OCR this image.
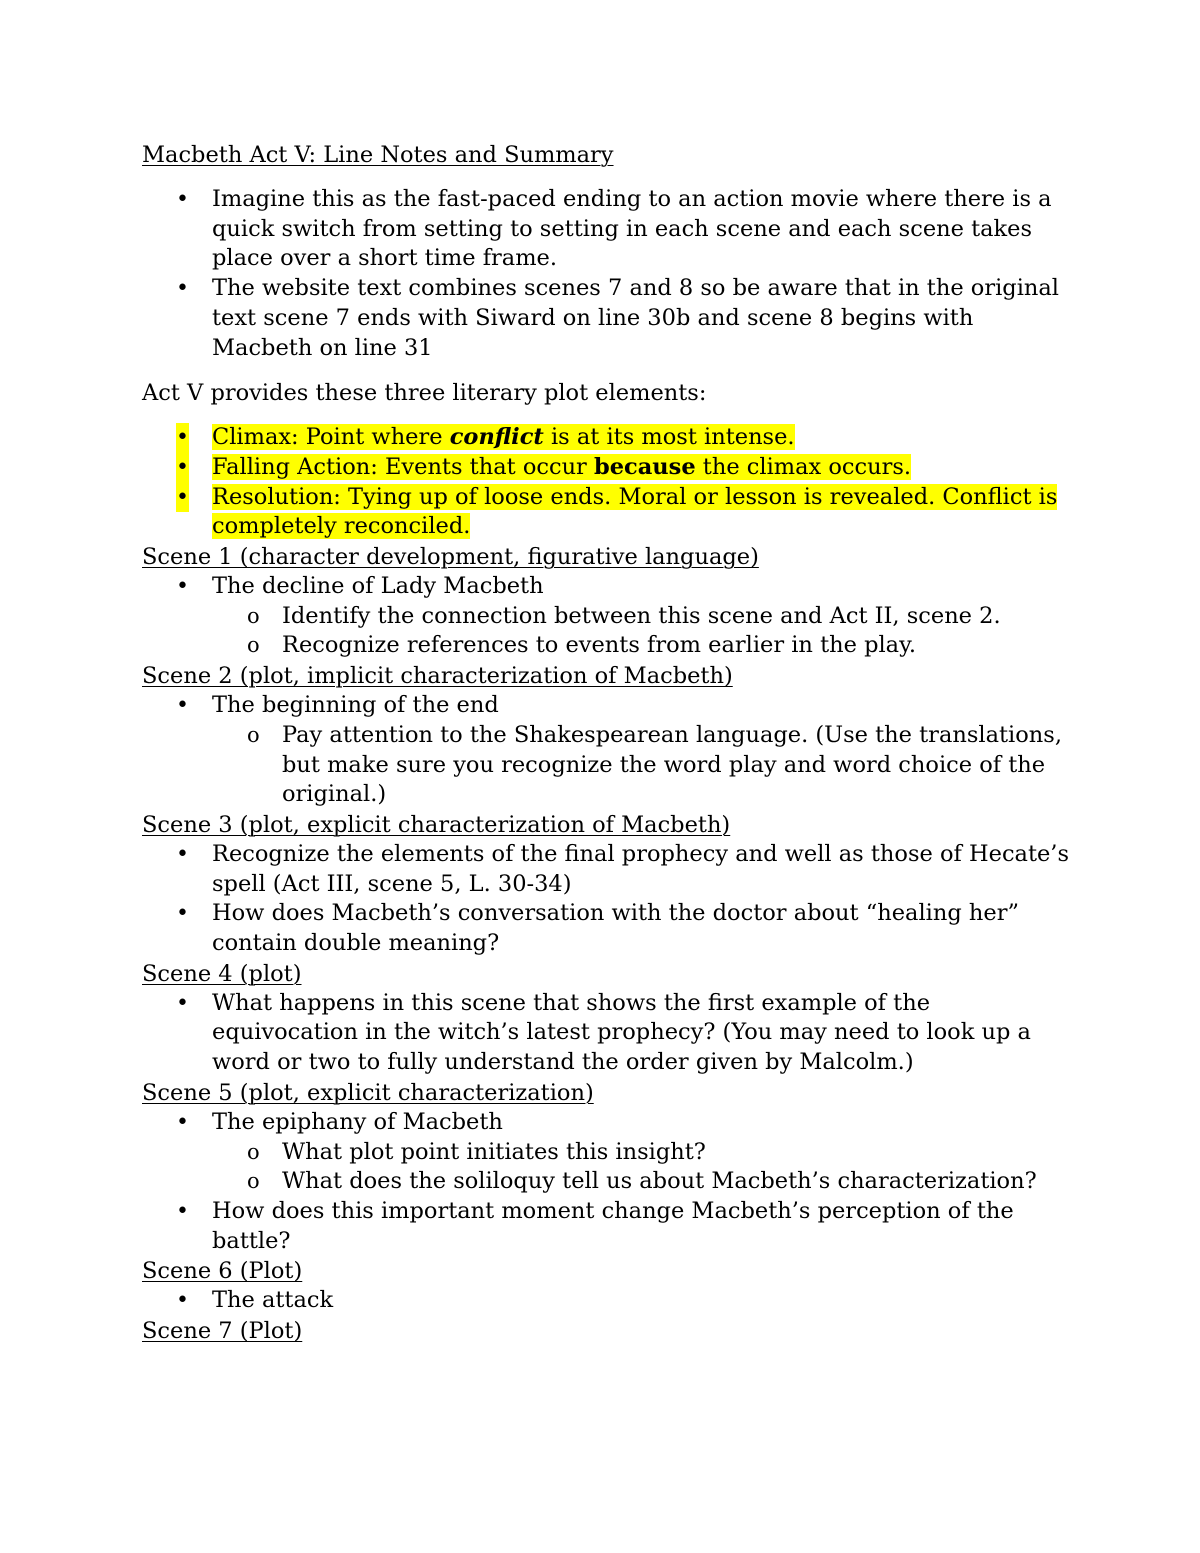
Macbeth Act V: Line Notes and Summary

• Imagine this as the fast-paced ending to an action movie where there is a quick switch from setting to setting in each scene and each scene takes place over a short time frame.
• The website text combines scenes 7 and 8 so be aware that in the original text scene 7 ends with Siward on line 30b and scene 8 begins with Macbeth on line 31

Act V provides these three literary plot elements:

• Climax: Point where conflict is at its most intense.
• Falling Action: Events that occur because the climax occurs.
• Resolution: Tying up of loose ends. Moral or lesson is revealed. Conflict is completely reconciled.

Scene 1 (character development, figurative language)

• The decline of Lady Macbeth
o Identify the connection between this scene and Act II, scene 2.
o Recognize references to events from earlier in the play.

Scene 2 (plot, implicit characterization of Macbeth)

• The beginning of the end
o Pay attention to the Shakespearean language. (Use the translations, but make sure you recognize the word play and word choice of the original.)

Scene 3 (plot, explicit characterization of Macbeth)

• Recognize the elements of the final prophecy and well as those of Hecate’s spell (Act III, scene 5, L. 30-34)
• How does Macbeth’s conversation with the doctor about “healing her” contain double meaning?

Scene 4 (plot)

• What happens in this scene that shows the first example of the equivocation in the witch’s latest prophecy? (You may need to look up a word or two to fully understand the order given by Malcolm.)

Scene 5 (plot, explicit characterization)

• The epiphany of Macbeth
o What plot point initiates this insight?
o What does the soliloquy tell us about Macbeth’s characterization?
• How does this important moment change Macbeth’s perception of the battle?

Scene 6 (Plot)

• The attack

Scene 7 (Plot)
